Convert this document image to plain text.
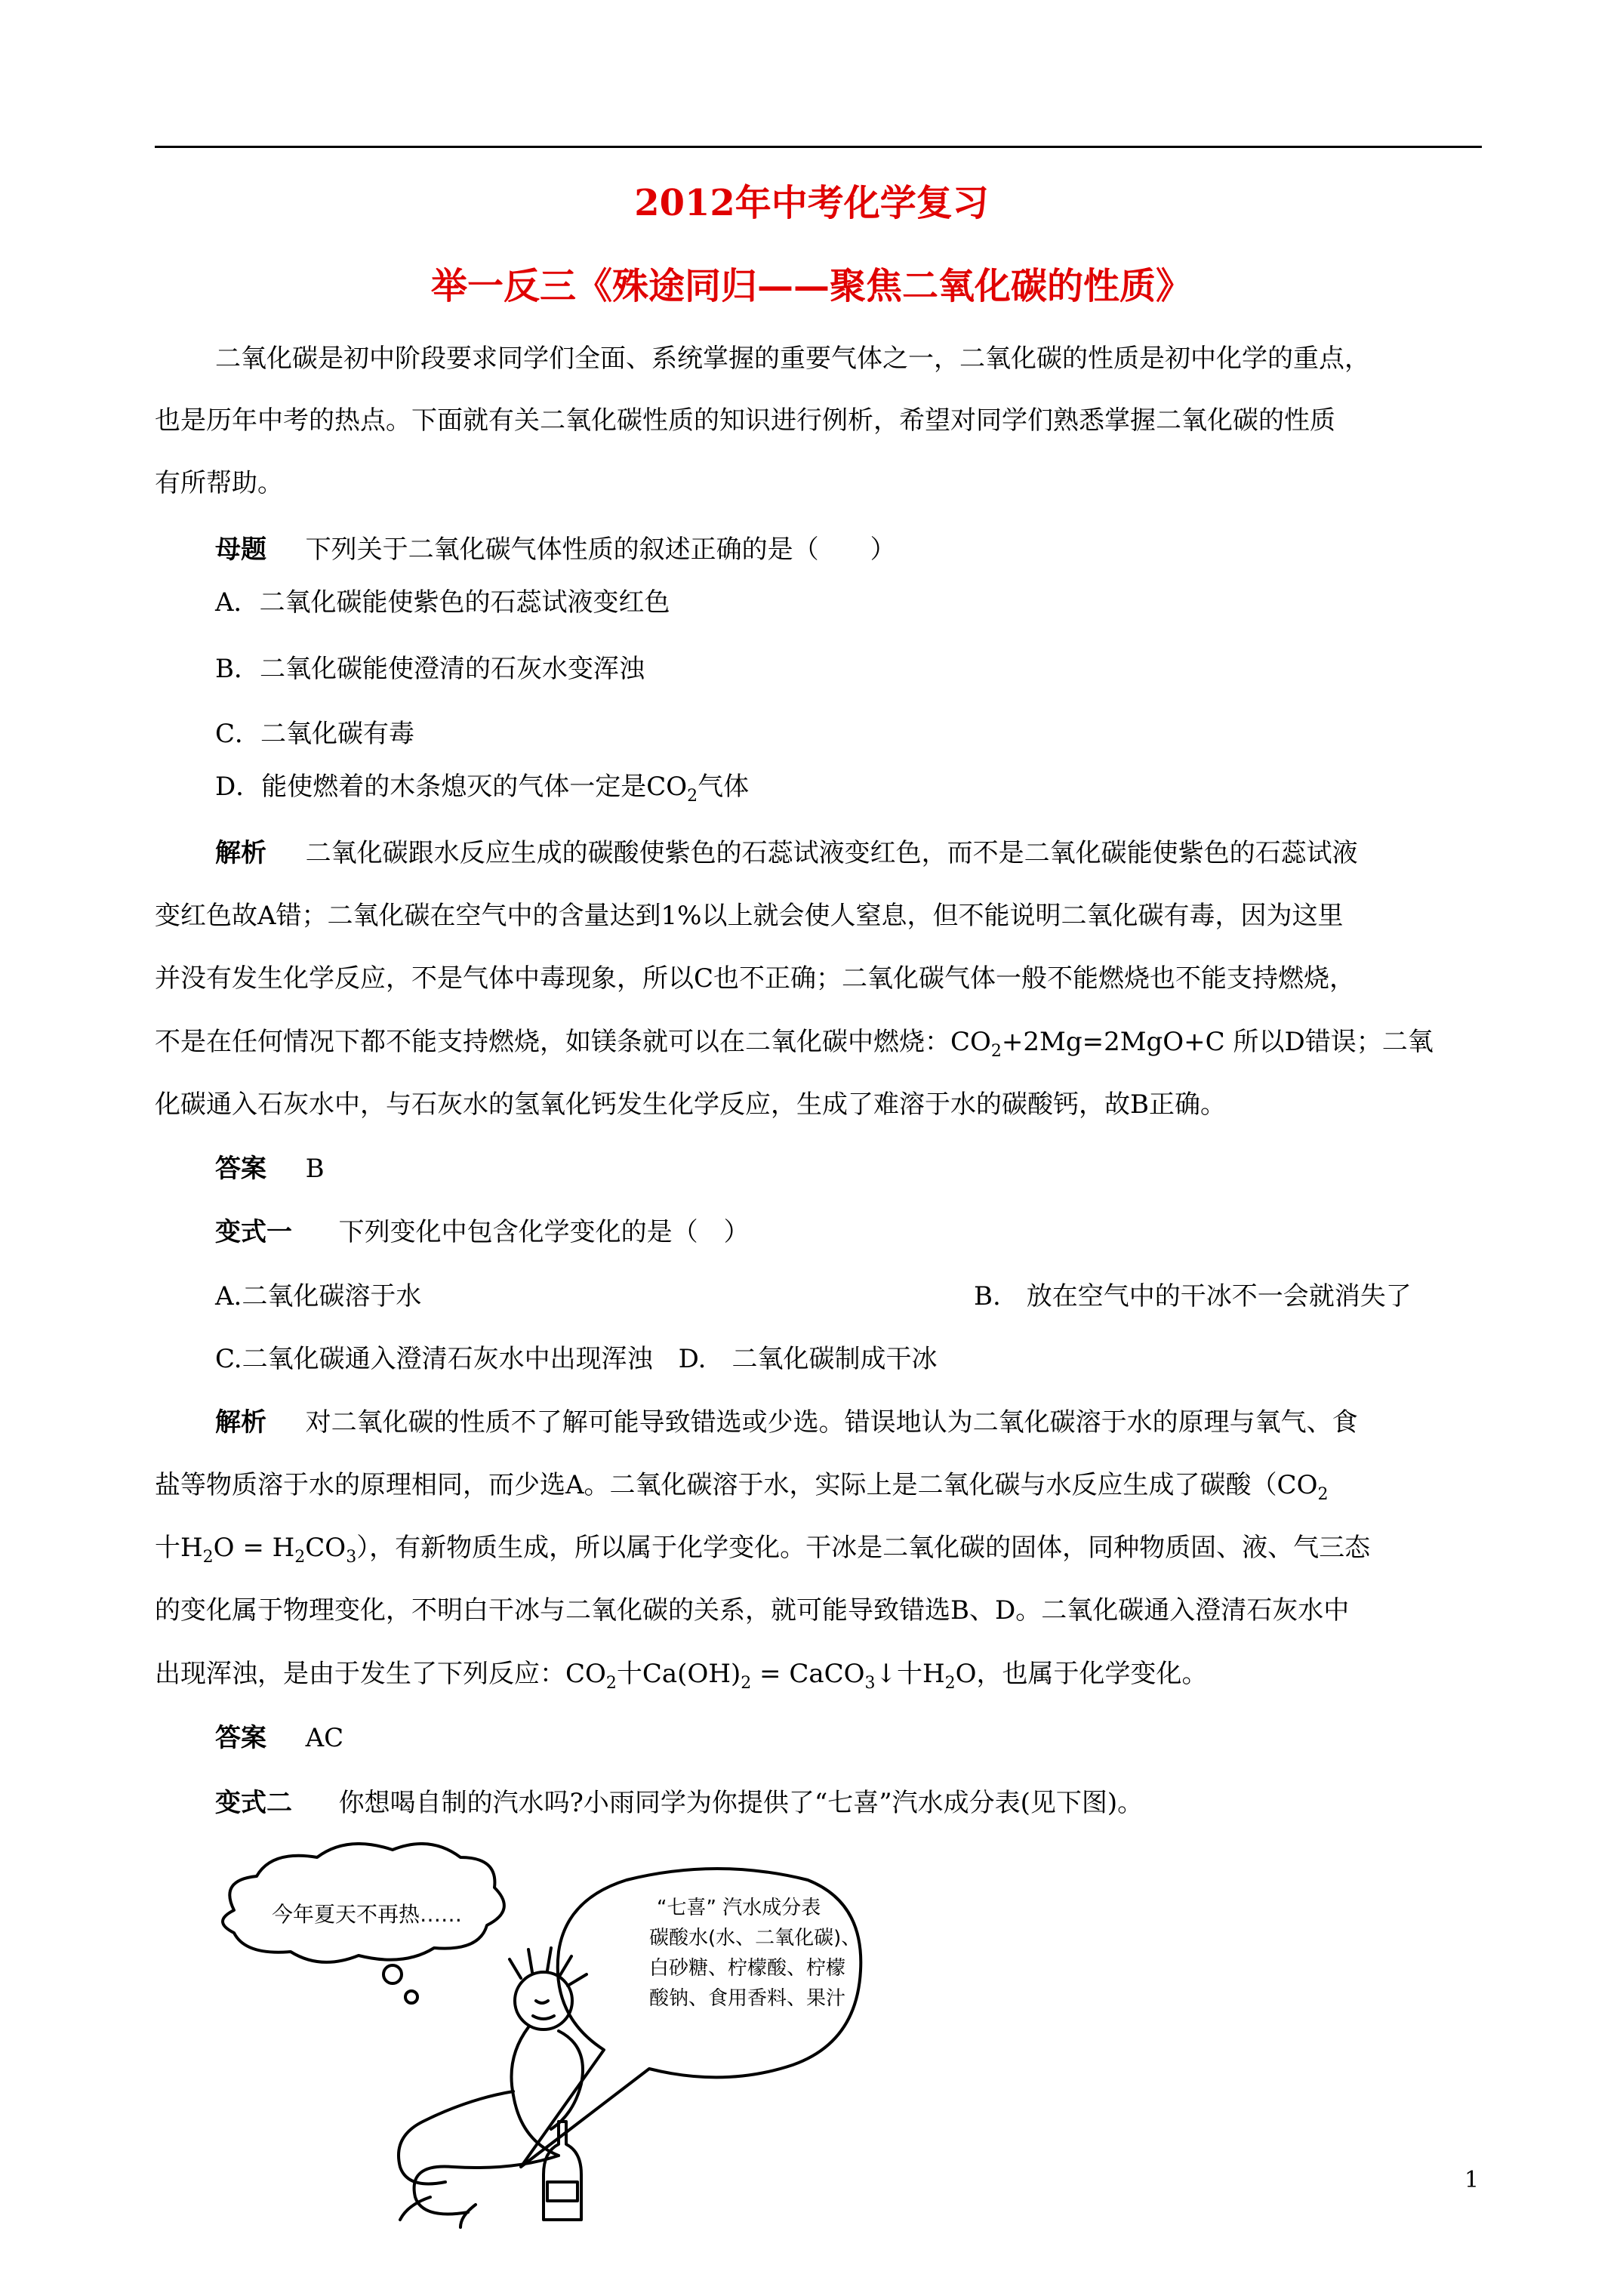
2012年中考化学复习
举一反三《殊途同归——聚焦二氧化碳的性质》
二氧化碳是初中阶段要求同学们全面、系统掌握的重要气体之一，二氧化碳的性质是初中化学的重点，
也是历年中考的热点。下面就有关二氧化碳性质的知识进行例析，希望对同学们熟悉掌握二氧化碳的性质
有所帮助。
母题 下列关于二氧化碳气体性质的叙述正确的是（　　）
A．二氧化碳能使紫色的石蕊试液变红色
B．二氧化碳能使澄清的石灰水变浑浊
C．二氧化碳有毒
D．能使燃着的木条熄灭的气体一定是$CO_2$气体
解析 二氧化碳跟水反应生成的碳酸使紫色的石蕊试液变红色，而不是二氧化碳能使紫色的石蕊试液
变红色故A错；二氧化碳在空气中的含量达到1%以上就会使人窒息，但不能说明二氧化碳有毒，因为这里
并没有发生化学反应，不是气体中毒现象，所以C也不正确；二氧化碳气体一般不能燃烧也不能支持燃烧，
不是在任何情况下都不能支持燃烧，如镁条就可以在二氧化碳中燃烧：$CO_2+2Mg=2MgO+C$ 所以D错误；二氧
化碳通入石灰水中，与石灰水的氢氧化钙发生化学反应，生成了难溶于水的碳酸钙，故B正确。
答案 B
变式一 下列变化中包含化学变化的是（　）
A.二氧化碳溶于水	B.　放在空气中的干冰不一会就消失了
C.二氧化碳通入澄清石灰水中出现浑浊　D.　二氧化碳制成干冰
解析 对二氧化碳的性质不了解可能导致错选或少选。错误地认为二氧化碳溶于水的原理与氧气、食
盐等物质溶于水的原理相同，而少选A。二氧化碳溶于水，实际上是二氧化碳与水反应生成了碳酸（$CO_2$
十$H_2O = H_2CO_3$），有新物质生成，所以属于化学变化。干冰是二氧化碳的固体，同种物质固、液、气三态
的变化属于物理变化，不明白干冰与二氧化碳的关系，就可能导致错选B、D。二氧化碳通入澄清石灰水中
出现浑浊，是由于发生了下列反应：$CO_2$十$Ca(OH)_2$ = CaCO$_3$↓十$H_2O$，也属于化学变化。
答案 AC
变式二 你想喝自制的汽水吗?小雨同学为你提供了“七喜”汽水成分表(见下图)。
今年夏天不再热……	“七喜” 汽水成分表
碳酸水(水、二氧化碳)、
白砂糖、柠檬酸、柠檬
酸钠、食用香料、果汁
1
